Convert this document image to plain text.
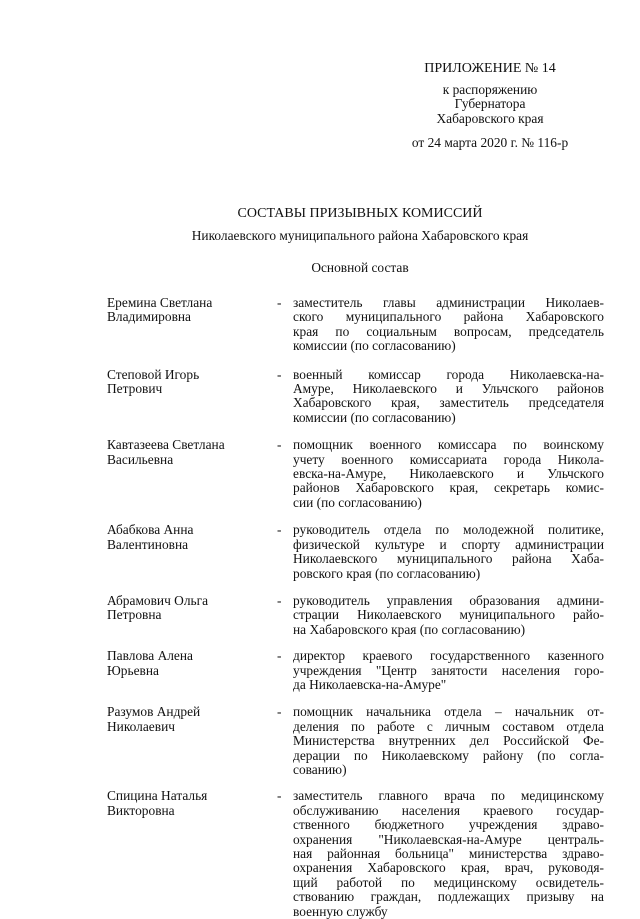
ПРИЛОЖЕНИЕ № 14
к распоряжению
Губернатора
Хабаровского края
от 24 марта 2020 г. № 116-р
СОСТАВЫ ПРИЗЫВНЫХ КОМИССИЙ
Николаевского муниципального района Хабаровского края
Основной состав
Еремина Светлана
Владимировна
- заместитель главы администрации Николаев-
ского муниципального района Хабаровского
края по социальным вопросам, председатель
комиссии (по согласованию)
Степовой Игорь
Петрович
- военный комиссар города Николаевска-на-
Амуре, Николаевского и Ульчского районов
Хабаровского края, заместитель председателя
комиссии (по согласованию)
Кавтазеева Светлана
Васильевна
- помощник военного комиссара по воинскому
учету военного комиссариата города Никола-
евска-на-Амуре, Николаевского и Ульчского
районов Хабаровского края, секретарь комис-
сии (по согласованию)
Абабкова Анна
Валентиновна
- руководитель отдела по молодежной политике,
физической культуре и спорту администрации
Николаевского муниципального района Хаба-
ровского края (по согласованию)
Абрамович Ольга
Петровна
- руководитель управления образования админи-
страции Николаевского муниципального райо-
на Хабаровского края (по согласованию)
Павлова Алена
Юрьевна
- директор краевого государственного казенного
учреждения "Центр занятости населения горо-
да Николаевска-на-Амуре"
Разумов Андрей
Николаевич
- помощник начальника отдела – начальник от-
деления по работе с личным составом отдела
Министерства внутренних дел Российской Фе-
дерации по Николаевскому району (по согла-
сованию)
Спицина Наталья
Викторовна
- заместитель главного врача по медицинскому
обслуживанию населения краевого государ-
ственного бюджетного учреждения здраво-
охранения "Николаевская-на-Амуре централь-
ная районная больница" министерства здраво-
охранения Хабаровского края, врач, руководя-
щий работой по медицинскому освидетель-
ствованию граждан, подлежащих призыву на
военную службу
